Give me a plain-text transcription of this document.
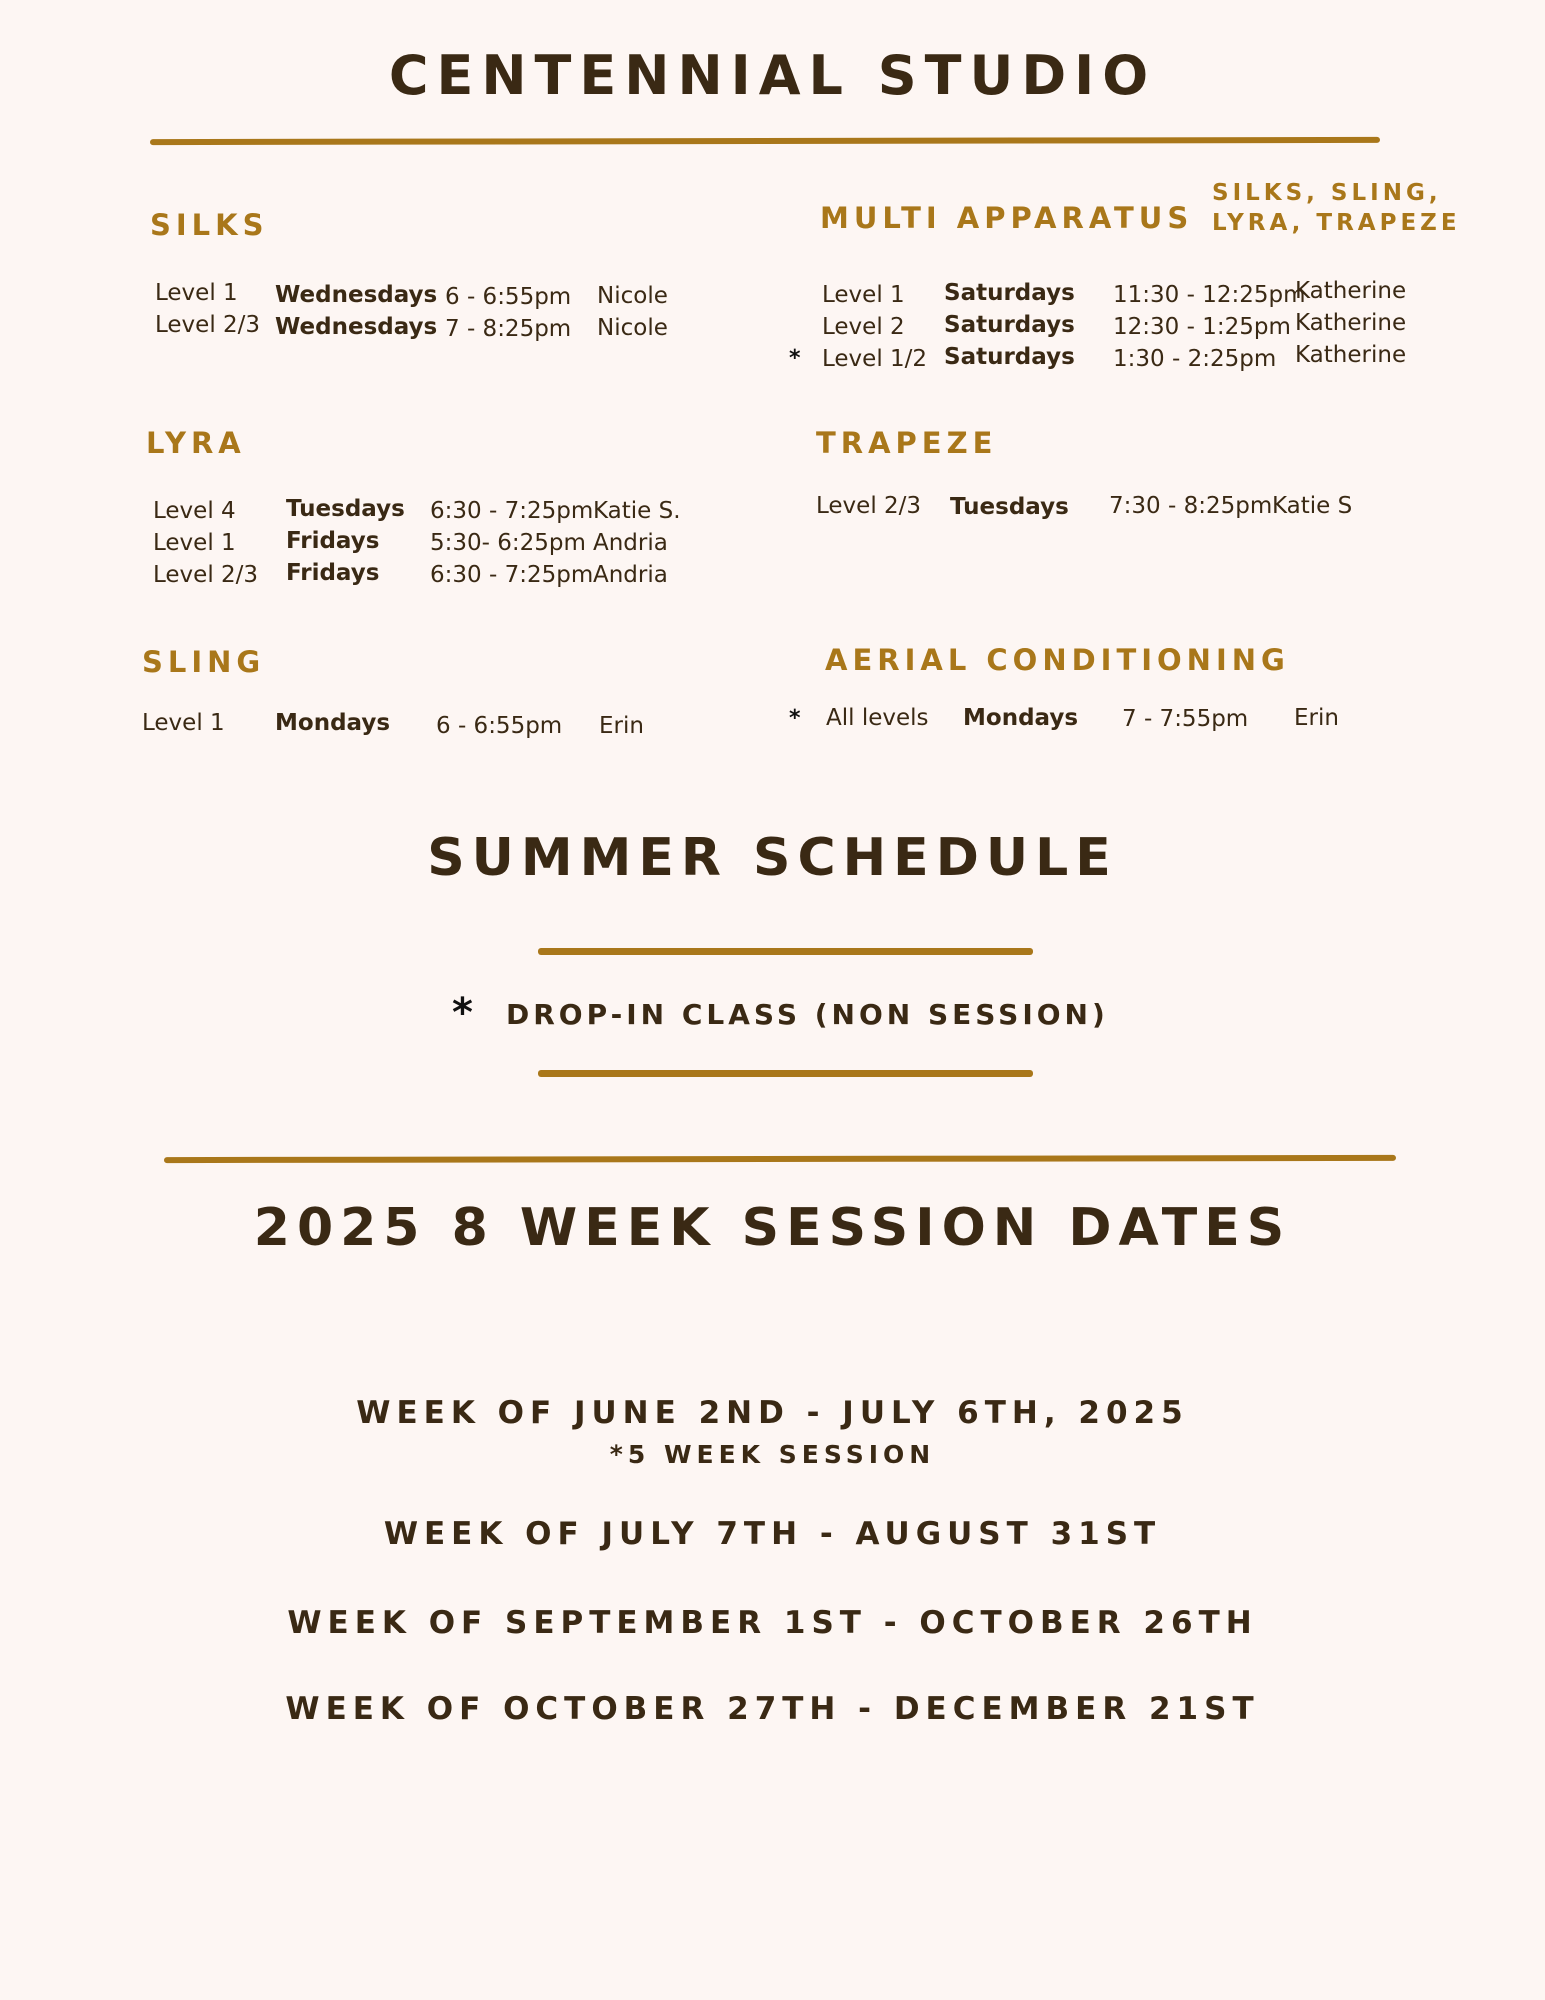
CENTENNIAL STUDIO
SILKS
Level 1 Wednesdays 6 - 6:55pm Nicole
Level 2/3 Wednesdays 7 - 8:25pm Nicole
MULTI APPARATUS
SILKS, SLING,
LYRA, TRAPEZE
Level 1 Saturdays 11:30 - 12:25pm
Katherine
Level 2 Saturdays 12:30 - 1:25pm Katherine
* Level 1/2 Saturdays 1:30 - 2:25pm Katherine
LYRA
Level 4 Tuesdays 6:30 - 7:25pm Katie S.
Level 1 Fridays 5:30- 6:25pm Andria
Level 2/3 Fridays 6:30 - 7:25pm Andria
TRAPEZE
Level 2/3 Tuesdays 7:30 - 8:25pm Katie S
SLING
Level 1 Mondays 6 - 6:55pm Erin
AERIAL CONDITIONING
* All levels Mondays 7 - 7:55pm Erin
SUMMER SCHEDULE
* DROP-IN CLASS (NON SESSION)
2025 8 WEEK SESSION DATES
WEEK OF JUNE 2ND - JULY 6TH, 2025
*5 WEEK SESSION
WEEK OF JULY 7TH - AUGUST 31ST
WEEK OF SEPTEMBER 1ST - OCTOBER 26TH
WEEK OF OCTOBER 27TH - DECEMBER 21ST
